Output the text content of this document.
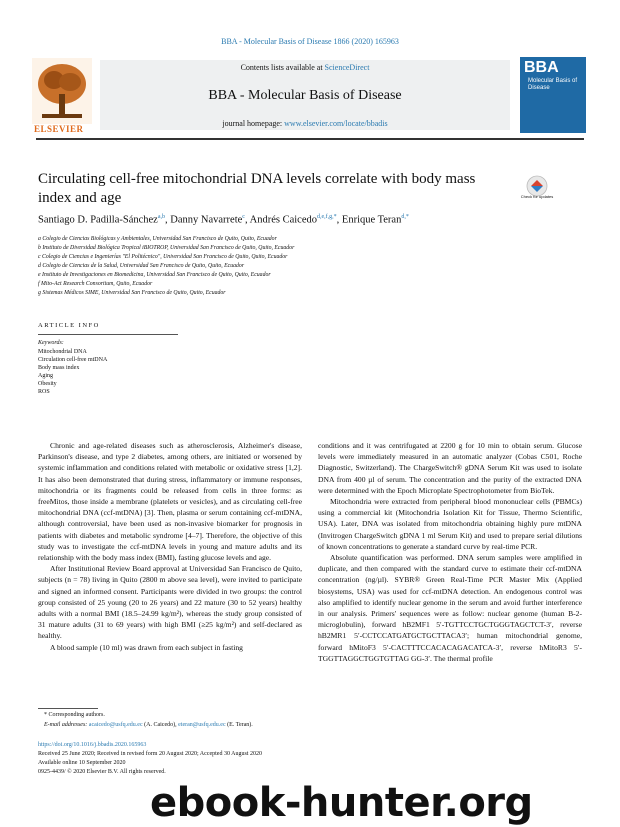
BBA - Molecular Basis of Disease 1866 (2020) 165963
ELSEVIER
Contents lists available at ScienceDirect
BBA - Molecular Basis of Disease
journal homepage: www.elsevier.com/locate/bbadis
BBA
Molecular Basis of Disease
Circulating cell-free mitochondrial DNA levels correlate with body mass index and age	Check for updates
Santiago D. Padilla-Sánchez$^{a,b}$, Danny Navarrete$^c$, Andrés Caicedo$^{d,e,f,g,*}$, Enrique Teran$^{d,*}$
a Colegio de Ciencias Biológicas y Ambientales, Universidad San Francisco de Quito, Quito, Ecuador
b Instituto de Diversidad Biológica Tropical iBIOTROP, Universidad San Francisco de Quito, Quito, Ecuador
c Colegio de Ciencias e Ingenierías "El Politécnico", Universidad San Francisco de Quito, Quito, Ecuador
d Colegio de Ciencias de la Salud, Universidad San Francisco de Quito, Quito, Ecuador
e Instituto de Investigaciones en Biomedicina, Universidad San Francisco de Quito, Quito, Ecuador
f Mito-Act Research Consortium, Quito, Ecuador
g Sistemas Médicos SIME, Universidad San Francisco de Quito, Quito, Ecuador
ARTICLE INFO
Keywords:
Mitochondrial DNA
Circulation cell-free mtDNA
Body mass index
Aging
Obesity
ROS

Chronic and age-related diseases such as atherosclerosis, Alzheimer's disease, Parkinson's disease, and type 2 diabetes, among others, are initiated or worsened by systemic inflammation and conditions related with metabolic or oxidative stress [1,2]. It has also been demonstrated that during stress, inflammatory or immune responses, mitochondria or its fragments could be released from cells in three forms: as freeMitos, those inside a membrane (platelets or vesicles), and as circulating cell-free mitochondrial DNA (ccf-mtDNA) [3]. Then, plasma or serum containing ccf-mtDNA, although controversial, have been used as non-invasive biomarker for prognosis in patients with diabetes and metabolic syndrome [4–7]. Therefore, the objective of this study was to investigate the ccf-mtDNA levels in young and mature adults and its relationship with the body mass index (BMI), fasting glucose levels and age.

After Institutional Review Board approval at Universidad San Francisco de Quito, subjects (n = 78) living in Quito (2800 m above sea level), were invited to participate and signed an informed consent. Participants were divided in two groups: the control group consisted of 25 young (20 to 26 years) and 22 mature (30 to 52 years) healthy adults with a normal BMI (18.5–24.99 kg/m²), whereas the study group consisted of 31 mature adults (31 to 69 years) with high BMI (≥25 kg/m²) and self-declared as healthy.

A blood sample (10 ml) was drawn from each subject in fasting

conditions and it was centrifugated at 2200 g for 10 min to obtain serum. Glucose levels were immediately measured in an automatic analyzer (Cobas C501, Roche Diagnostic, Switzerland). The ChargeSwitch® gDNA Serum Kit was used to isolate DNA from 400 µl of serum. The concentration and the purity of the extracted DNA were determined with the Epoch Microplate Spectrophotometer from BioTek.

Mitochondria were extracted from peripheral blood mononuclear cells (PBMCs) using a commercial kit (Mitochondria Isolation Kit for Tissue, Thermo Scientific, USA). Later, DNA was isolated from mitochondria obtaining highly pure mtDNA (Invitrogen ChargeSwitch gDNA 1 ml Serum Kit) and used to prepare serial dilutions of known concentrations to generate a standard curve by real-time PCR.

Absolute quantification was performed. DNA serum samples were amplified in duplicate, and then compared with the standard curve to estimate their ccf-mtDNA concentration (ng/µl). SYBR® Green Real-Time PCR Master Mix (Applied biosystems, USA) was used for ccf-mtDNA detection. An endogenous control was also amplified to identify nuclear genome in the serum and avoid further interference in our analysis. Primers' sequences were as follow: nuclear genome (human B-2-microglobulin), forward hB2MF1 5′-TGTTCCTGCTGGGTAGCTCT-3′, reverse hB2MR1 5′-CCTCCATGATGCTGCTTACA3′; human mitochondrial genome, forward hMitoF3 5′-CACTTTCCACACAGACATCA-3′, reverse hMitoR3 5′-TGGTTAGGCTGGTGTTAG GG-3′. The thermal profile

* Corresponding authors.
E-mail addresses: acaicedo@usfq.edu.ec (A. Caicedo), eteran@usfq.edu.ec (E. Teran).
https://doi.org/10.1016/j.bbadis.2020.165963
Received 25 June 2020; Received in revised form 20 August 2020; Accepted 30 August 2020
Available online 10 September 2020
0925-4439/ © 2020 Elsevier B.V. All rights reserved.
ebook-hunter.org
